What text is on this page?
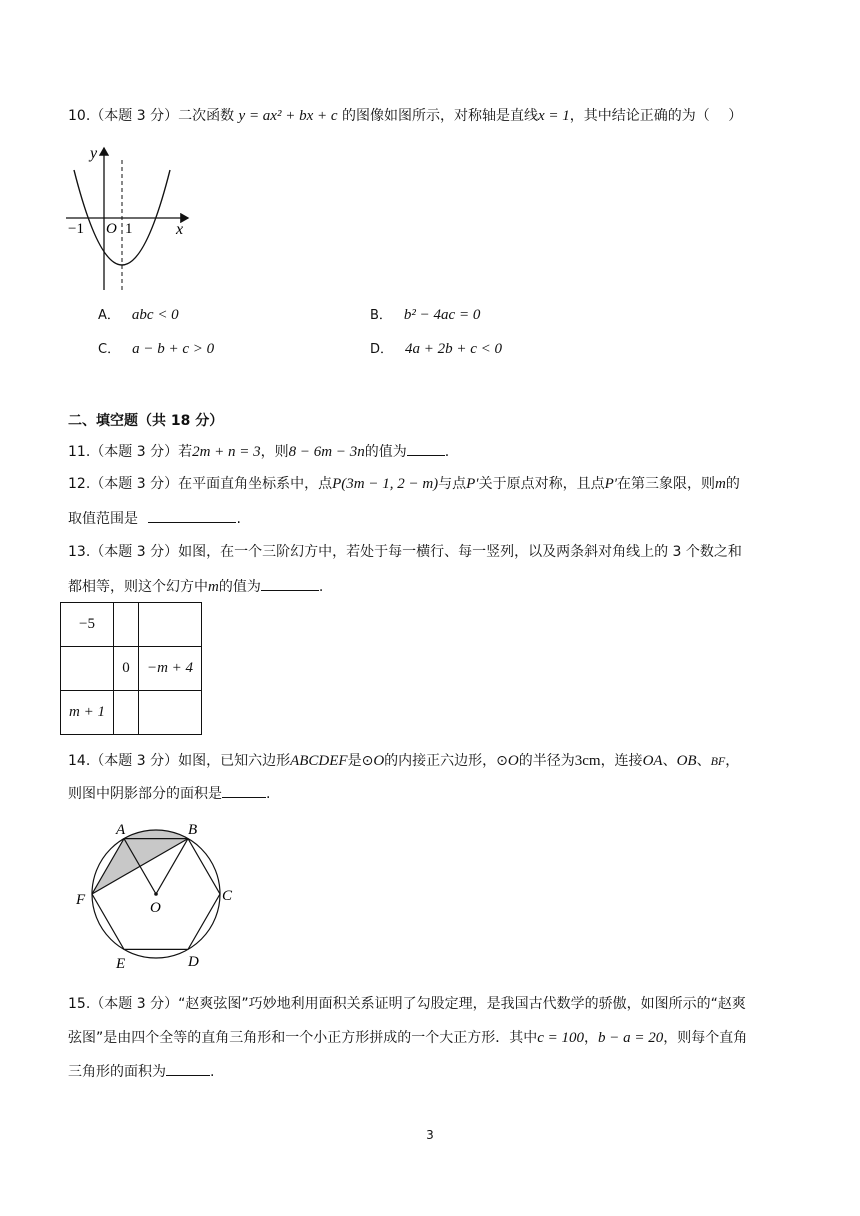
10.（本题 3 分）二次函数 y = ax² + bx + c 的图像如图所示，对称轴是直线x = 1，其中结论正确的为（　 ）
y
x
O
−1	1
A． abc < 0	B． b² − 4ac = 0
C． a − b + c > 0	D． 4a + 2b + c < 0
二、填空题（共 18 分）
11.（本题 3 分）若2m + n = 3，则8 − 6m − 3n的值为	.
12.（本题 3 分）在平面直角坐标系中，点P(3m − 1, 2 − m)与点P′关于原点对称，且点P′在第三象限，则m的
取值范围是	.
13.（本题 3 分）如图，在一个三阶幻方中，若处于每一横行、每一竖列，以及两条斜对角线上的 3 个数之和
都相等，则这个幻方中m的值为	.
−5		
	0	−m + 4
m + 1		
14.（本题 3 分）如图，已知六边形ABCDEF是⊙O的内接正六边形，⊙O的半径为3cm，连接OA、OB、BF，
则图中阴影部分的面积是	.
A	B
C
D
E
F	O
15.（本题 3 分）“赵爽弦图”巧妙地利用面积关系证明了勾股定理，是我国古代数学的骄傲，如图所示的“赵爽
弦图”是由四个全等的直角三角形和一个小正方形拼成的一个大正方形．其中c = 100，b − a = 20，则每个直角
三角形的面积为	.
3
